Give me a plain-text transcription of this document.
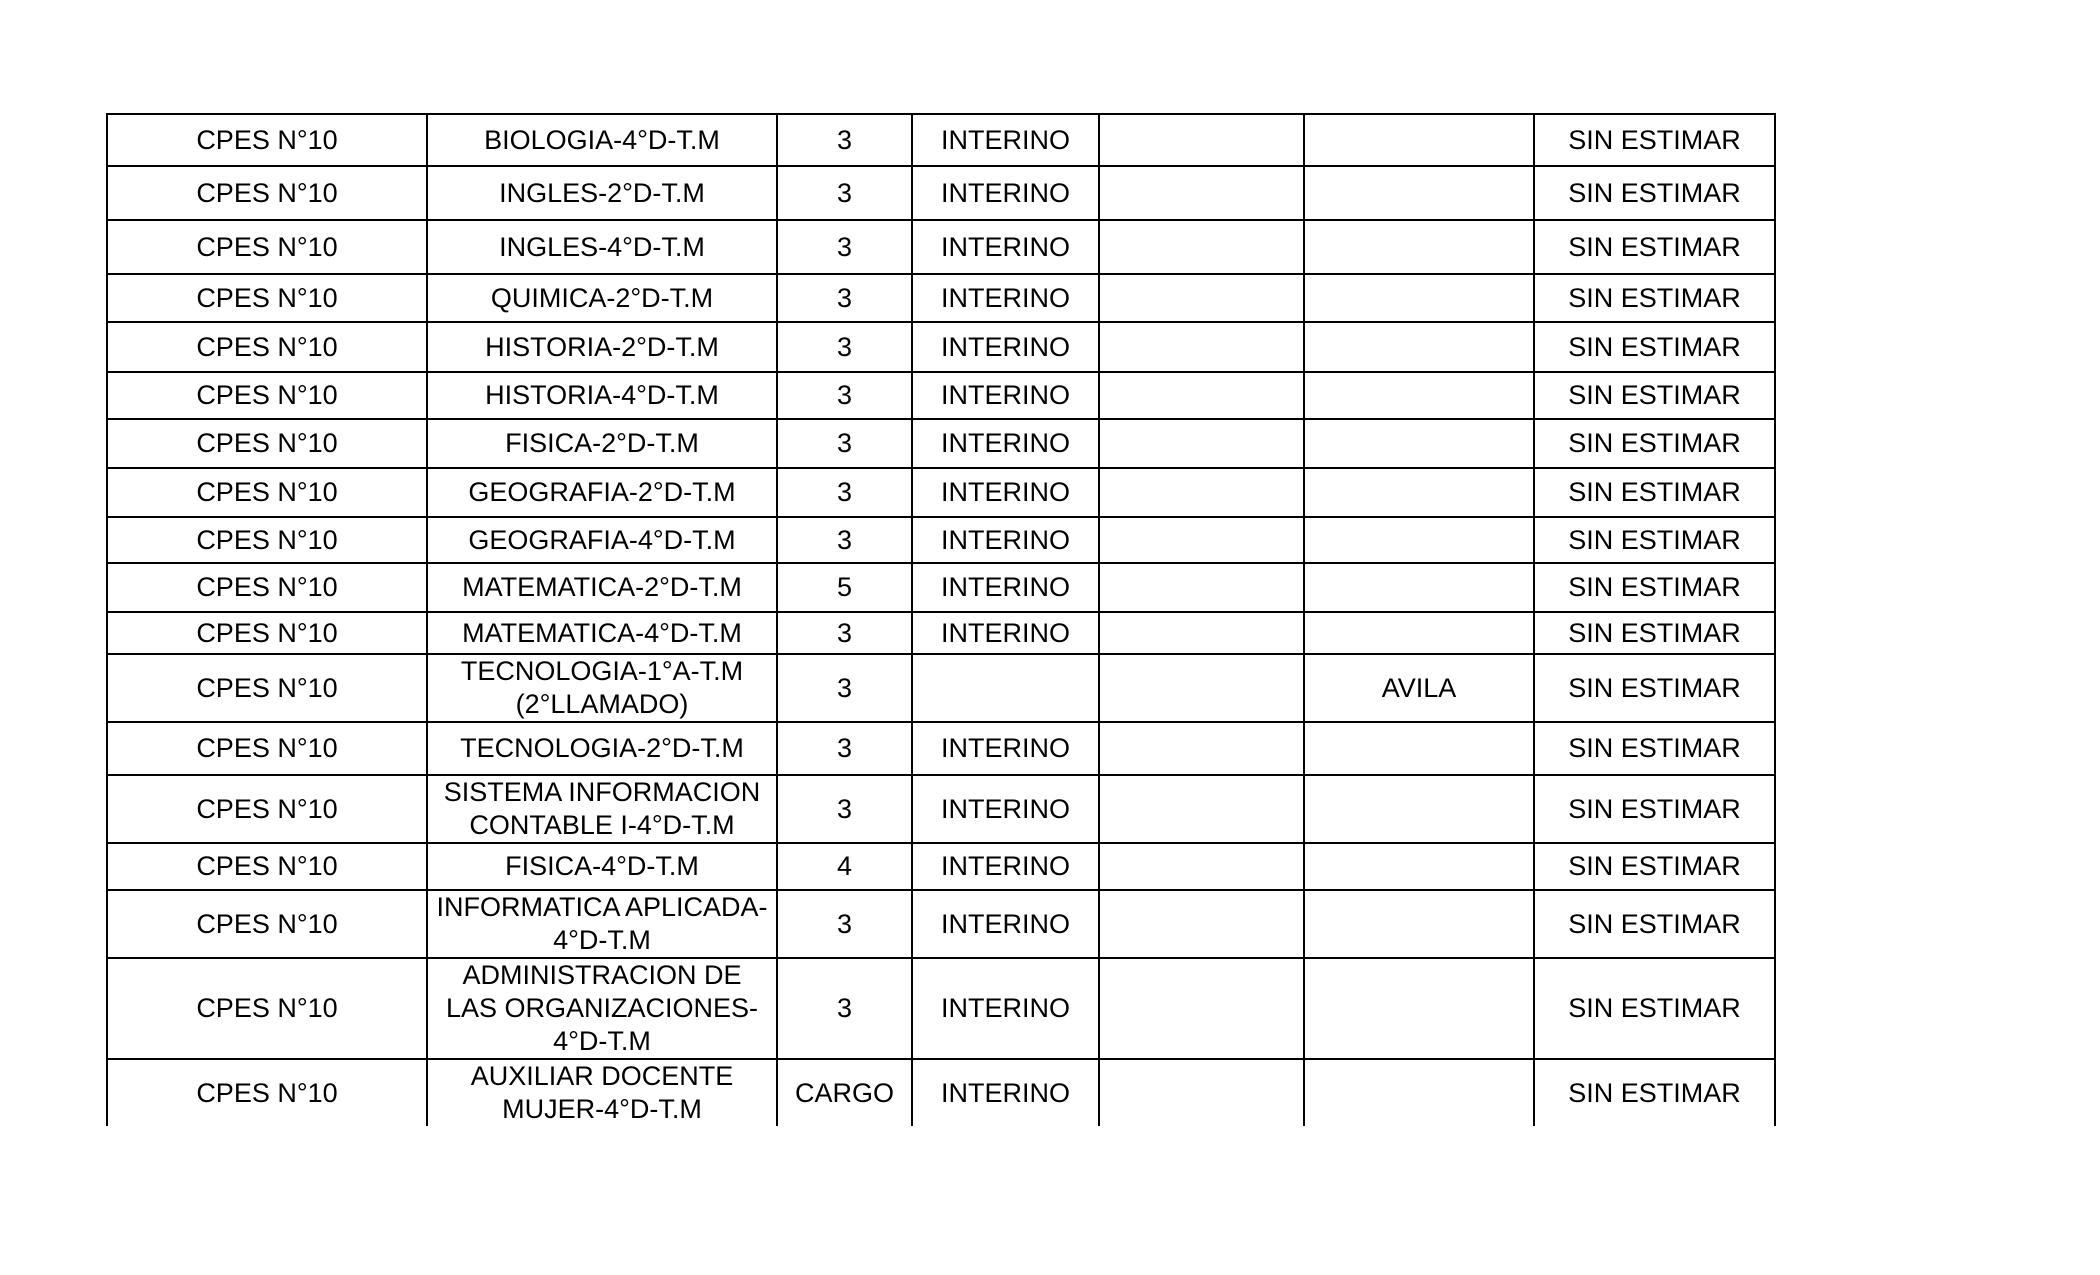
CPES N°10	BIOLOGIA-4°D-T.M	3	INTERINO			SIN ESTIMAR
CPES N°10	INGLES-2°D-T.M	3	INTERINO			SIN ESTIMAR
CPES N°10	INGLES-4°D-T.M	3	INTERINO			SIN ESTIMAR
CPES N°10	QUIMICA-2°D-T.M	3	INTERINO			SIN ESTIMAR
CPES N°10	HISTORIA-2°D-T.M	3	INTERINO			SIN ESTIMAR
CPES N°10	HISTORIA-4°D-T.M	3	INTERINO			SIN ESTIMAR
CPES N°10	FISICA-2°D-T.M	3	INTERINO			SIN ESTIMAR
CPES N°10	GEOGRAFIA-2°D-T.M	3	INTERINO			SIN ESTIMAR
CPES N°10	GEOGRAFIA-4°D-T.M	3	INTERINO			SIN ESTIMAR
CPES N°10	MATEMATICA-2°D-T.M	5	INTERINO			SIN ESTIMAR
CPES N°10	MATEMATICA-4°D-T.M	3	INTERINO			SIN ESTIMAR
CPES N°10	TECNOLOGIA-1°A-T.M (2°LLAMADO)	3			AVILA	SIN ESTIMAR
CPES N°10	TECNOLOGIA-2°D-T.M	3	INTERINO			SIN ESTIMAR
CPES N°10	SISTEMA INFORMACION CONTABLE I-4°D-T.M	3	INTERINO			SIN ESTIMAR
CPES N°10	FISICA-4°D-T.M	4	INTERINO			SIN ESTIMAR
CPES N°10	INFORMATICA APLICADA-4°D-T.M	3	INTERINO			SIN ESTIMAR
CPES N°10	ADMINISTRACION DE LAS ORGANIZACIONES-4°D-T.M	3	INTERINO			SIN ESTIMAR
CPES N°10	AUXILIAR DOCENTE MUJER-4°D-T.M	CARGO	INTERINO			SIN ESTIMAR
